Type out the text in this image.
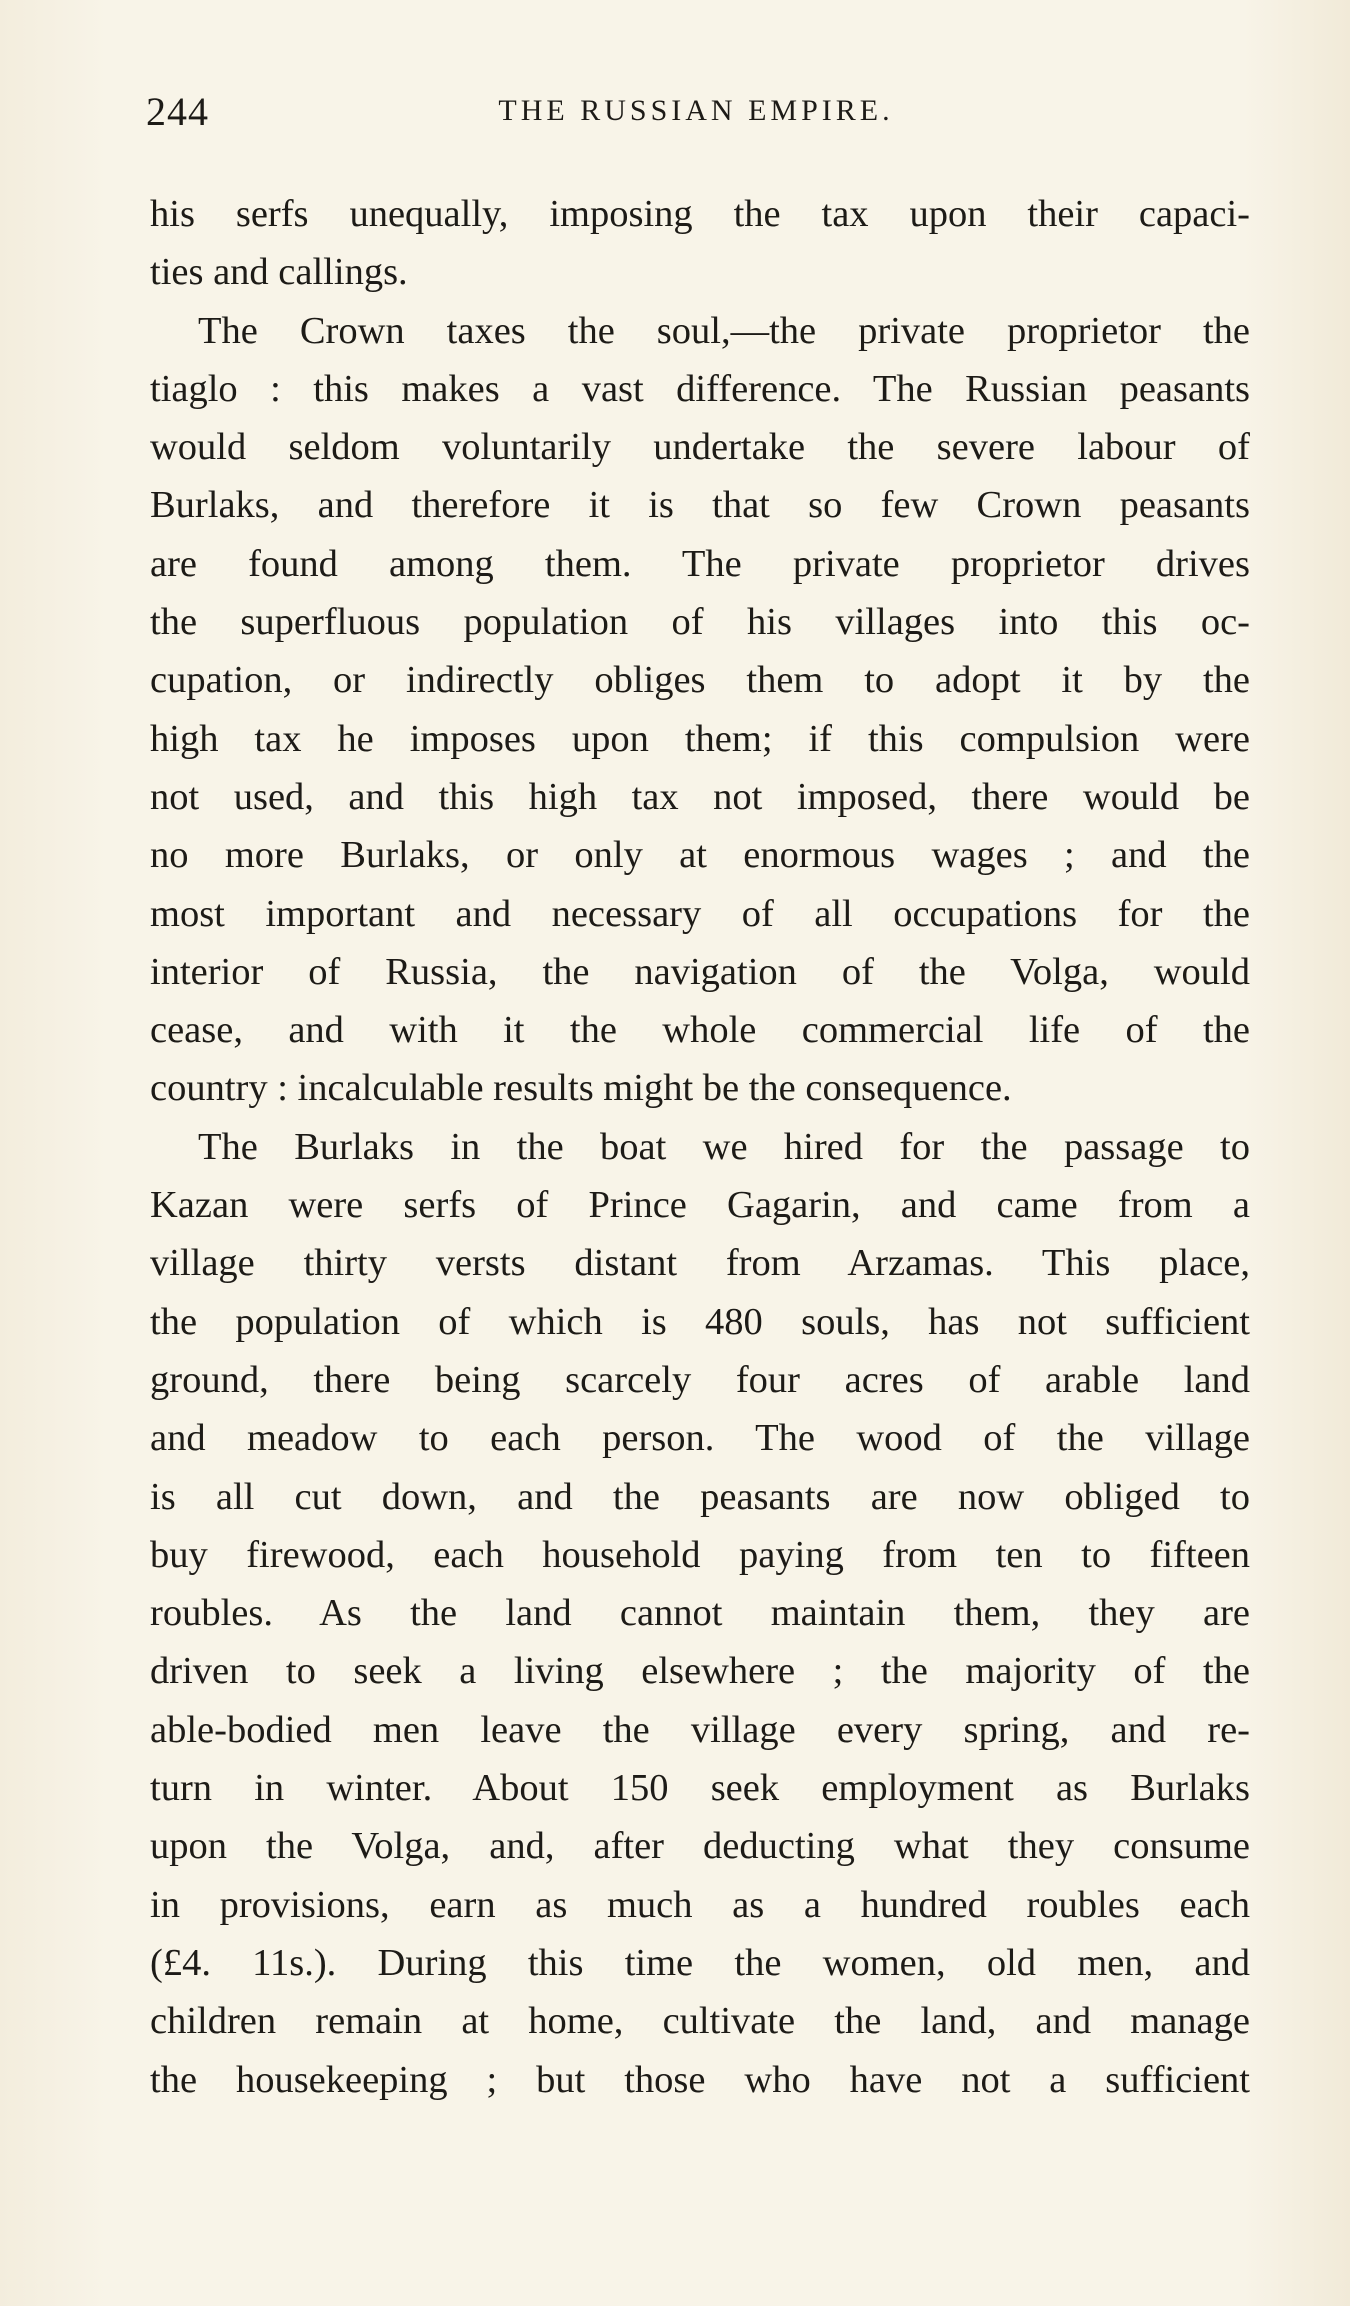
244	THE RUSSIAN EMPIRE.
his serfs unequally, imposing the tax upon their capaci-
ties and callings.
The Crown taxes the soul,—the private proprietor the
tiaglo : this makes a vast difference. The Russian peasants
would seldom voluntarily undertake the severe labour of
Burlaks, and therefore it is that so few Crown peasants
are found among them. The private proprietor drives
the superfluous population of his villages into this oc-
cupation, or indirectly obliges them to adopt it by the
high tax he imposes upon them; if this compulsion were
not used, and this high tax not imposed, there would be
no more Burlaks, or only at enormous wages ; and the
most important and necessary of all occupations for the
interior of Russia, the navigation of the Volga, would
cease, and with it the whole commercial life of the
country : incalculable results might be the consequence.
The Burlaks in the boat we hired for the passage to
Kazan were serfs of Prince Gagarin, and came from a
village thirty versts distant from Arzamas. This place,
the population of which is 480 souls, has not sufficient
ground, there being scarcely four acres of arable land
and meadow to each person. The wood of the village
is all cut down, and the peasants are now obliged to
buy firewood, each household paying from ten to fifteen
roubles. As the land cannot maintain them, they are
driven to seek a living elsewhere ; the majority of the
able-bodied men leave the village every spring, and re-
turn in winter. About 150 seek employment as Burlaks
upon the Volga, and, after deducting what they consume
in provisions, earn as much as a hundred roubles each
(£4. 11s.). During this time the women, old men, and
children remain at home, cultivate the land, and manage
the housekeeping ; but those who have not a sufficient
